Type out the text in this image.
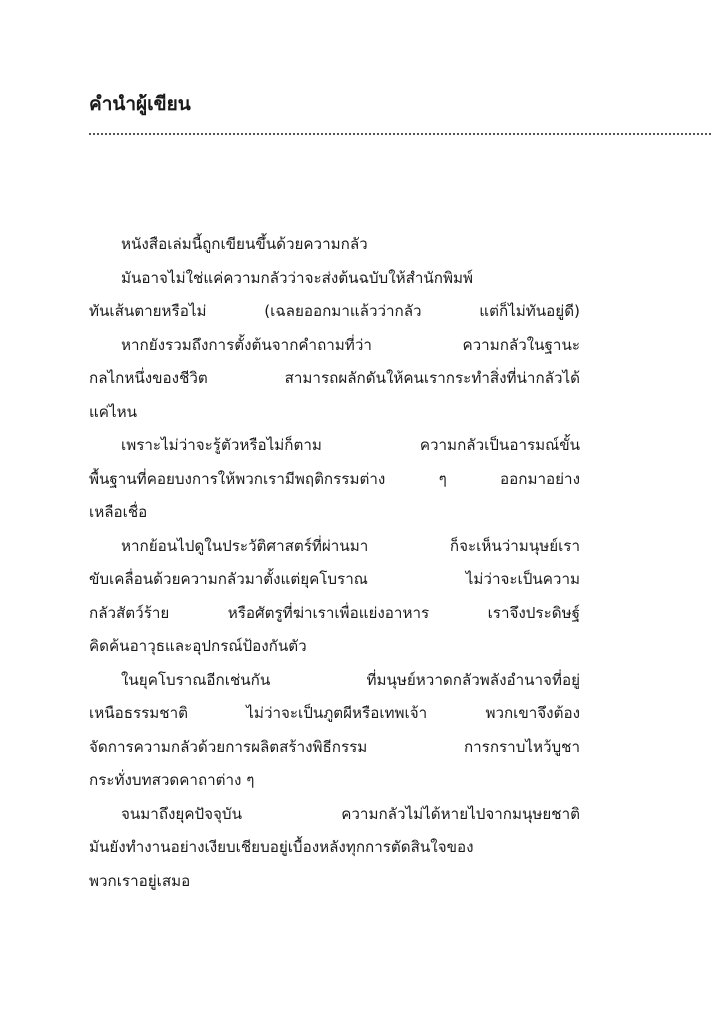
คำนำผู้เขียน
หนังสือเล่มนี้ถูกเขียนขึ้นด้วยความกลัว
มันอาจไม่ใช่แค่ความกลัวว่าจะส่งต้นฉบับให้สำนักพิมพ์
ทันเส้นตายหรือไม่ (เฉลยออกมาแล้วว่ากลัว แต่ก็ไม่ทันอยู่ดี)
หากยังรวมถึงการตั้งต้นจากคำถามที่ว่า ความกลัวในฐานะ
กลไกหนึ่งของชีวิต สามารถผลักดันให้คนเรากระทำสิ่งที่น่ากลัวได้
แค่ไหน
เพราะไม่ว่าจะรู้ตัวหรือไม่ก็ตาม ความกลัวเป็นอารมณ์ขั้น
พื้นฐานที่คอยบงการให้พวกเรามีพฤติกรรมต่าง ๆ ออกมาอย่าง
เหลือเชื่อ
หากย้อนไปดูในประวัติศาสตร์ที่ผ่านมา ก็จะเห็นว่ามนุษย์เรา
ขับเคลื่อนด้วยความกลัวมาตั้งแต่ยุคโบราณ ไม่ว่าจะเป็นความ
กลัวสัตว์ร้าย หรือศัตรูที่ฆ่าเราเพื่อแย่งอาหาร เราจึงประดิษฐ์
คิดค้นอาวุธและอุปกรณ์ป้องกันตัว
ในยุคโบราณอีกเช่นกัน ที่มนุษย์หวาดกลัวพลังอำนาจที่อยู่
เหนือธรรมชาติ ไม่ว่าจะเป็นภูตผีหรือเทพเจ้า พวกเขาจึงต้อง
จัดการความกลัวด้วยการผลิตสร้างพิธีกรรม การกราบไหว้บูชา
กระทั่งบทสวดคาถาต่าง ๆ
จนมาถึงยุคปัจจุบัน ความกลัวไม่ได้หายไปจากมนุษยชาติ
มันยังทำงานอย่างเงียบเชียบอยู่เบื้องหลังทุกการตัดสินใจของ
พวกเราอยู่เสมอ
